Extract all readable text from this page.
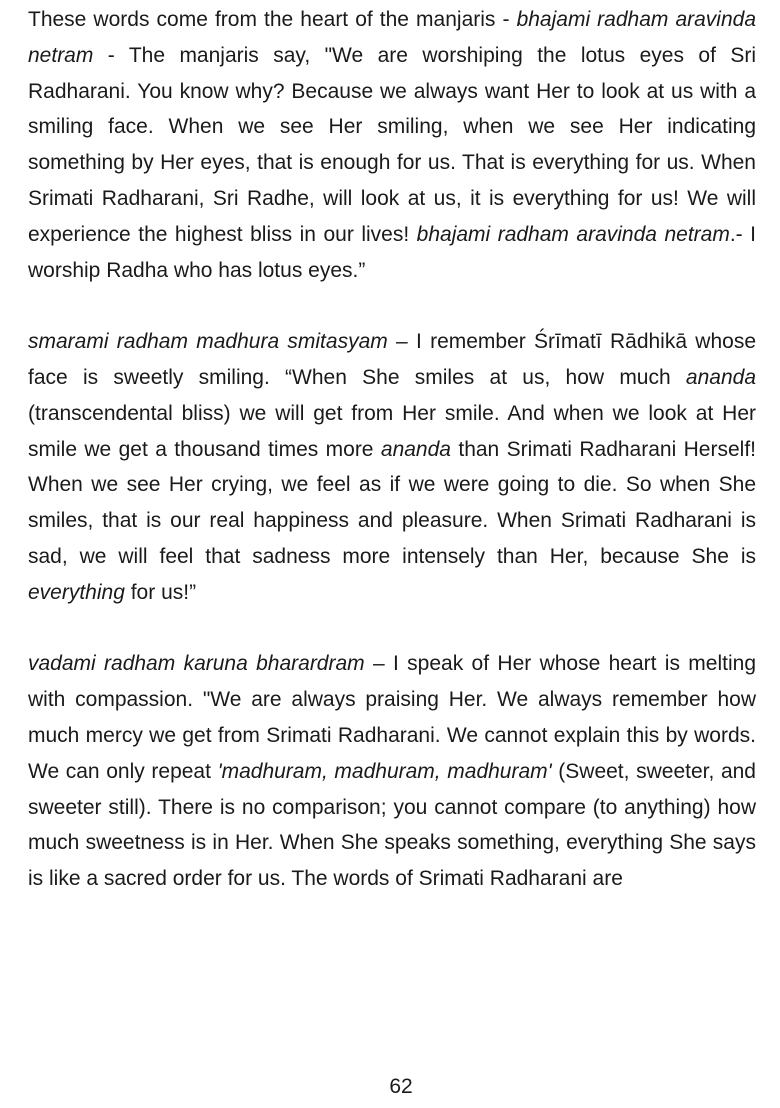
These words come from the heart of the manjaris - bhajami radham aravinda netram - The manjaris say, "We are worshiping the lotus eyes of Sri Radharani. You know why? Because we always want Her to look at us with a smiling face. When we see Her smiling, when we see Her indicating something by Her eyes, that is enough for us. That is everything for us. When Srimati Radharani, Sri Radhe, will look at us, it is everything for us! We will experience the highest bliss in our lives! bhajami radham aravinda netram.- I worship Radha who has lotus eyes.”

smarami radham madhura smitasyam – I remember Śrīmatī Rādhikā whose face is sweetly smiling. “When She smiles at us, how much ananda (transcendental bliss) we will get from Her smile. And when we look at Her smile we get a thousand times more ananda than Srimati Radharani Herself! When we see Her crying, we feel as if we were going to die. So when She smiles, that is our real happiness and pleasure. When Srimati Radharani is sad, we will feel that sadness more intensely than Her, because She is everything for us!”

vadami radham karuna bharardram – I speak of Her whose heart is melting with compassion. "We are always praising Her. We always remember how much mercy we get from Srimati Radharani. We cannot explain this by words. We can only repeat 'madhuram, madhuram, madhuram' (Sweet, sweeter, and sweeter still). There is no comparison; you cannot compare (to anything) how much sweetness is in Her. When She speaks something, everything She says is like a sacred order for us. The words of Srimati Radharani are

62
